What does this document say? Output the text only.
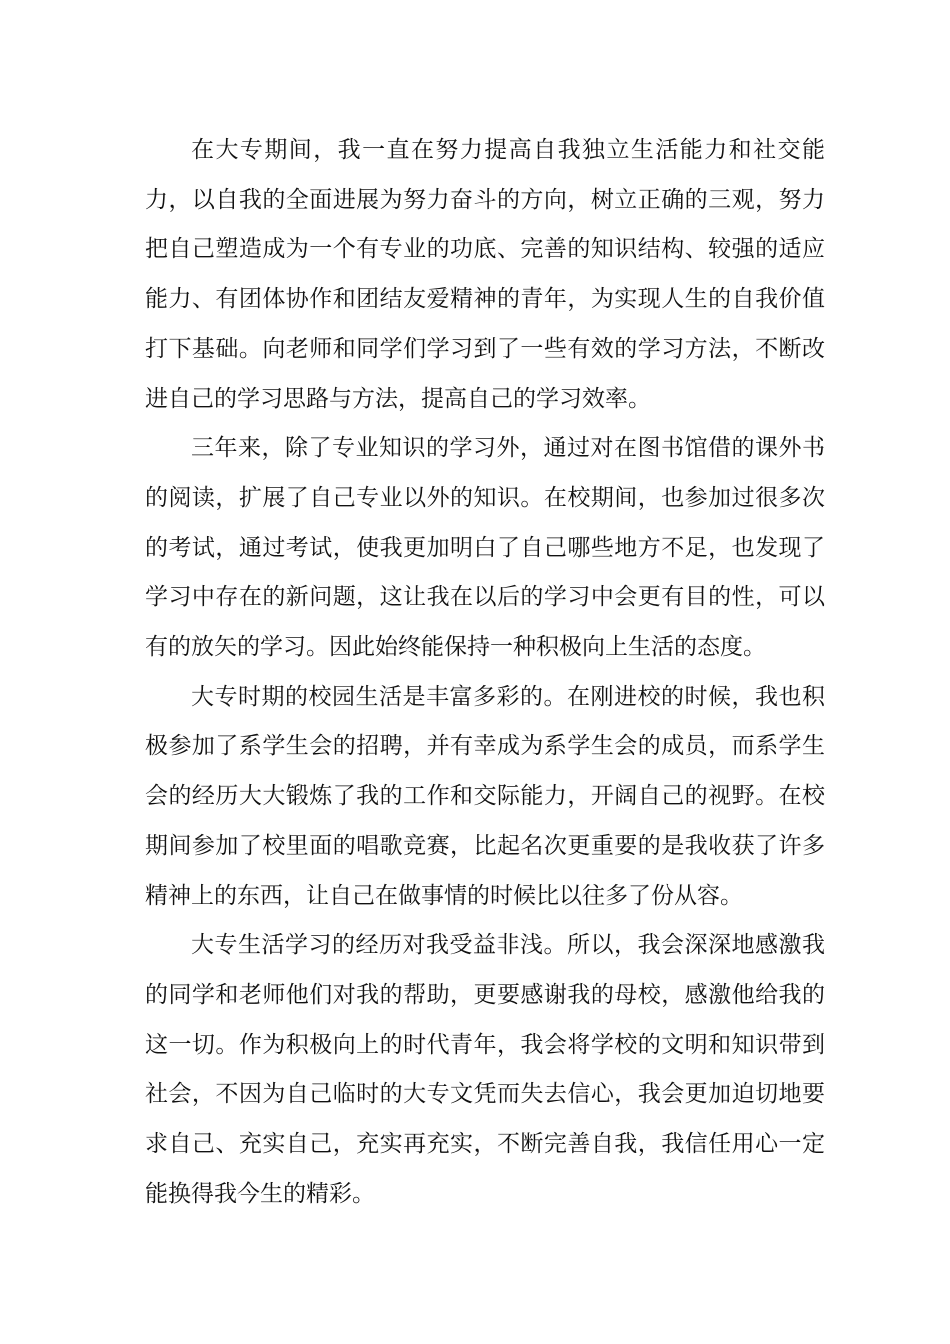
在大专期间，我一直在努力提高自我独立生活能力和社交能力，以自我的全面进展为努力奋斗的方向，树立正确的三观，努力把自己塑造成为一个有专业的功底、完善的知识结构、较强的适应能力、有团体协作和团结友爱精神的青年，为实现人生的自我价值打下基础。向老师和同学们学习到了一些有效的学习方法，不断改进自己的学习思路与方法，提高自己的学习效率。

三年来，除了专业知识的学习外，通过对在图书馆借的课外书的阅读，扩展了自己专业以外的知识。在校期间，也参加过很多次的考试，通过考试，使我更加明白了自己哪些地方不足，也发现了学习中存在的新问题，这让我在以后的学习中会更有目的性，可以有的放矢的学习。因此始终能保持一种积极向上生活的态度。

大专时期的校园生活是丰富多彩的。在刚进校的时候，我也积极参加了系学生会的招聘，并有幸成为系学生会的成员，而系学生会的经历大大锻炼了我的工作和交际能力，开阔自己的视野。在校期间参加了校里面的唱歌竞赛，比起名次更重要的是我收获了许多精神上的东西，让自己在做事情的时候比以往多了份从容。

大专生活学习的经历对我受益非浅。所以，我会深深地感激我的同学和老师他们对我的帮助，更要感谢我的母校，感激他给我的这一切。作为积极向上的时代青年，我会将学校的文明和知识带到社会，不因为自己临时的大专文凭而失去信心，我会更加迫切地要求自己、充实自己，充实再充实，不断完善自我，我信任用心一定能换得我今生的精彩。
